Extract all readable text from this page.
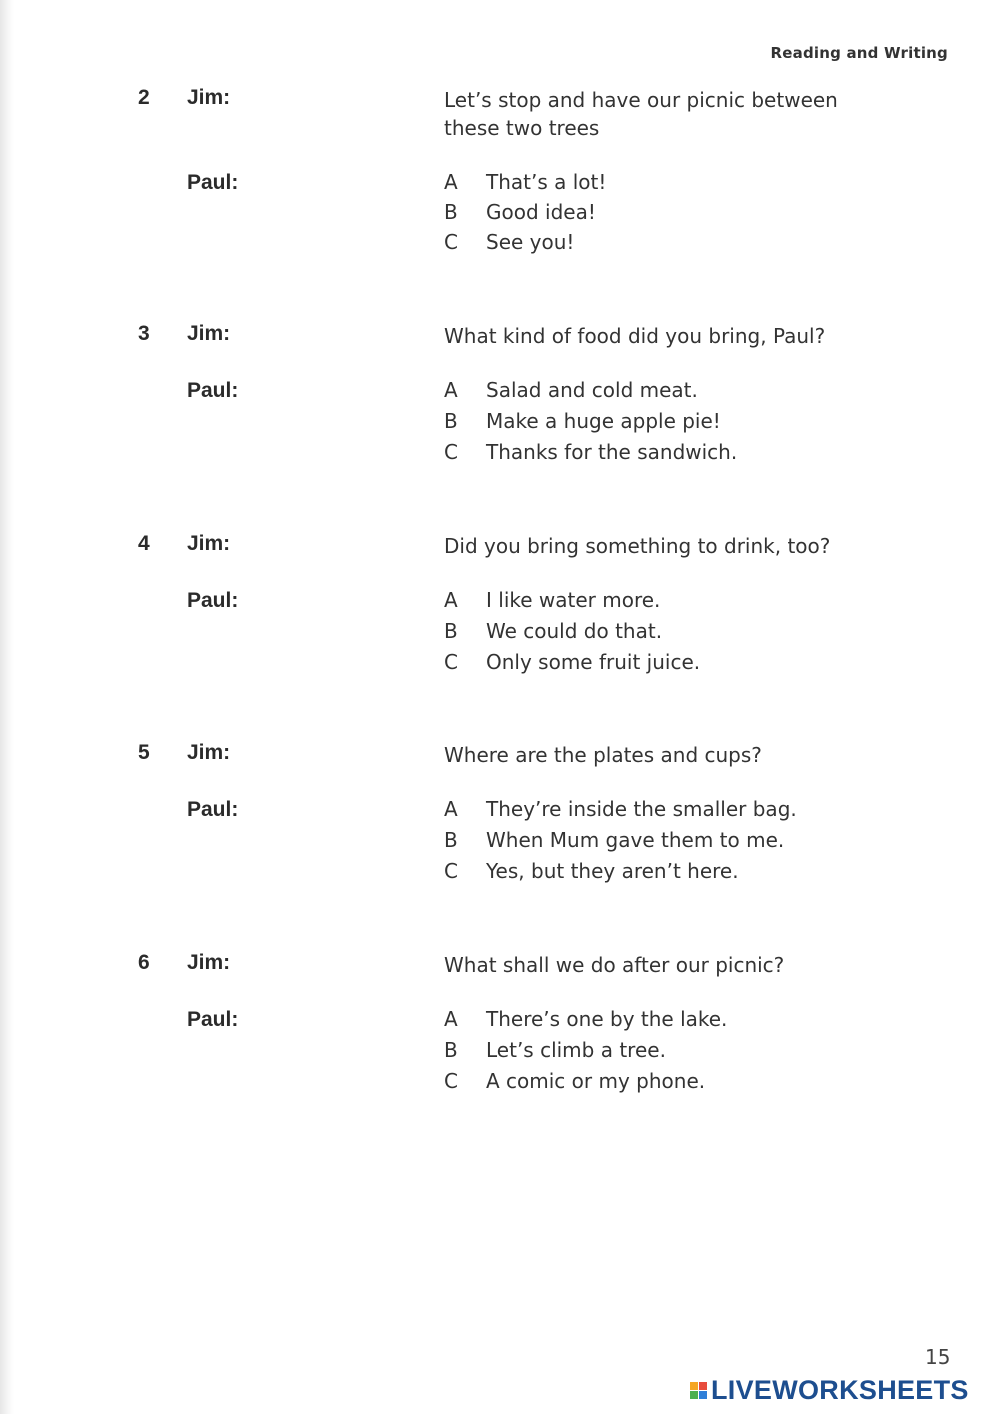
Reading and Writing
2 Jim:	Let’s stop and have our picnic between these two trees
Paul:	A That’s a lot!
B Good idea!
C See you!
3 Jim:	What kind of food did you bring, Paul?
Paul:	A Salad and cold meat.
B Make a huge apple pie!
C Thanks for the sandwich.
4 Jim:	Did you bring something to drink, too?
Paul:	A I like water more.
B We could do that.
C Only some fruit juice.
5 Jim:	Where are the plates and cups?
Paul:	A They’re inside the smaller bag.
B When Mum gave them to me.
C Yes, but they aren’t here.
6 Jim:	What shall we do after our picnic?
Paul:	A There’s one by the lake.
B Let’s climb a tree.
C A comic or my phone.
15
LIVEWORKSHEETS
